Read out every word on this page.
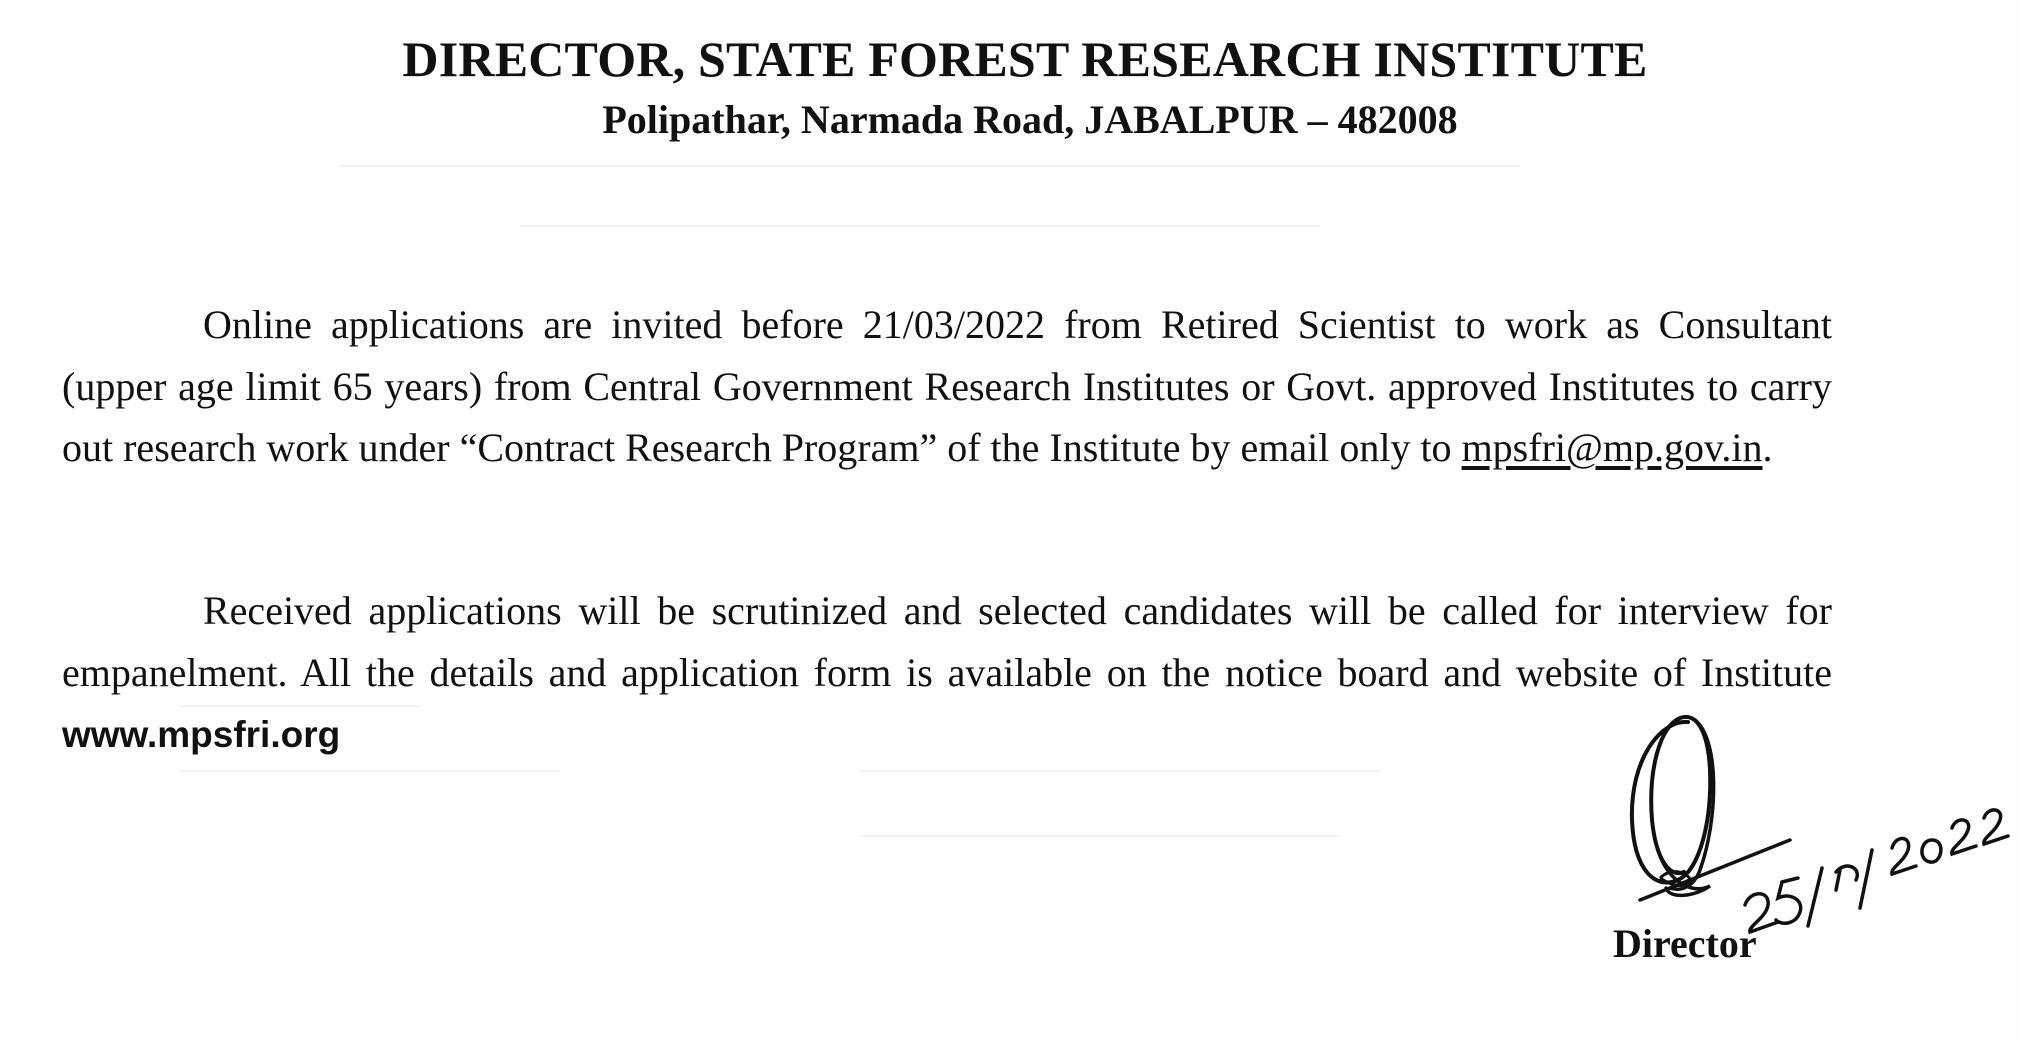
DIRECTOR, STATE FOREST RESEARCH INSTITUTE
Polipathar, Narmada Road, JABALPUR – 482008

Online applications are invited before 21/03/2022 from Retired Scientist to work as Consultant (upper age limit 65 years) from Central Government Research Institutes or Govt. approved Institutes to carry out research work under “Contract Research Program” of the Institute by email only to mpsfri@mp.gov.in.

Received applications will be scrutinized and selected candidates will be called for interview for empanelment. All the details and application form is available on the notice board and website of Institute www.mpsfri.org

Director
